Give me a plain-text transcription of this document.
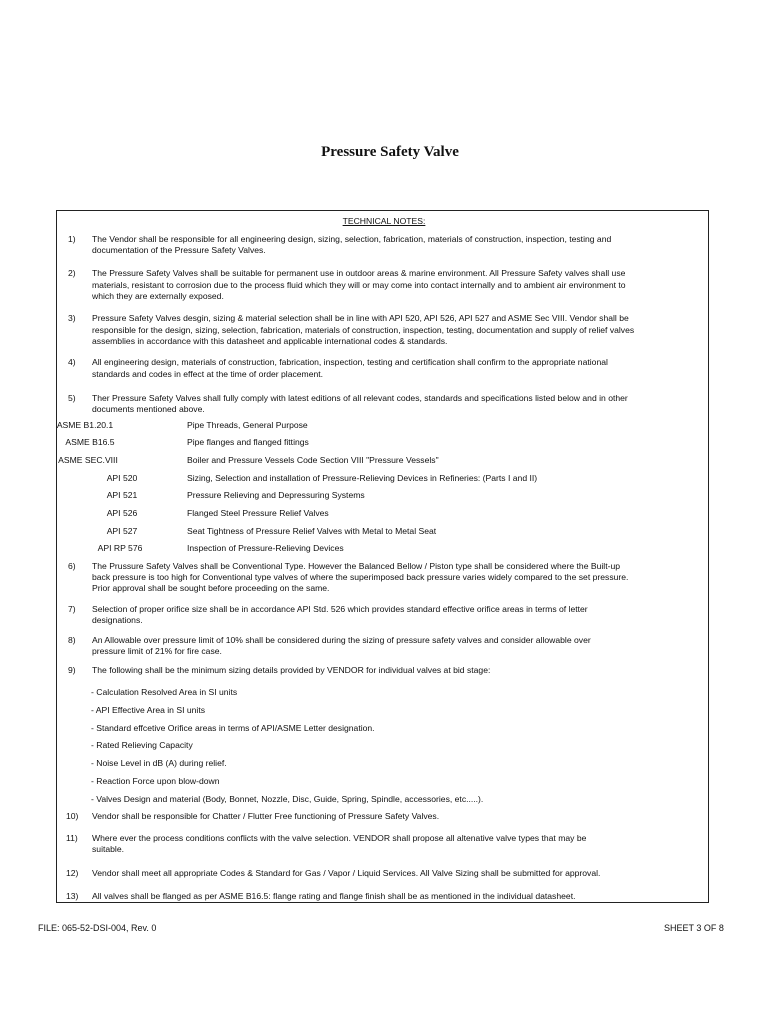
Pressure Safety Valve
TECHNICAL NOTES:
1) The Vendor shall be responsible for all engineering design, sizing, selection, fabrication, materials of construction, inspection, testing and
documentation of the Pressure Safety Valves.
2) The Pressure Safety Valves shall be suitable for permanent use in outdoor areas & marine environment. All Pressure Safety valves shall use
materials, resistant to corrosion due to the process fluid which they will or may come into contact internally and to ambient air environment to
which they are externally exposed.
3) Pressure Safety Valves desgin, sizing & material selection shall be in line with API 520, API 526, API 527 and ASME Sec VIII. Vendor shall be
responsible for the design, sizing, selection, fabrication, materials of construction, inspection, testing, documentation and supply of relief valves
assemblies in accordance with this datasheet and applicable international codes & standards.
4) All engineering design, materials of construction, fabrication, inspection, testing and certification shall confirm to the appropriate national
standards and codes in effect at the time of order placement.
5) Ther Pressure Safety Valves shall fully comply with latest editions of all relevant codes, standards and specifications listed below and in other
documents mentioned above.
ASME B1.20.1	Pipe Threads, General Purpose
ASME B16.5	Pipe flanges and flanged fittings
ASME SEC.VIII	Boiler and Pressure Vessels Code Section VIII "Pressure Vessels"
API 520	Sizing, Selection and installation of Pressure-Relieving Devices in Refineries: (Parts I and II)
API 521	Pressure Relieving and Depressuring Systems
API 526	Flanged Steel Pressure Relief Valves
API 527	Seat Tightness of Pressure Relief Valves with Metal to Metal Seat
API RP 576	Inspection of Pressure-Relieving Devices
6) The Prussure Safety Valves shall be Conventional Type. However the Balanced Bellow / Piston type shall be considered where the Built-up
back pressure is too high for Conventional type valves of where the superimposed back pressure varies widely compared to the set pressure.
Prior approval shall be sought before proceeding on the same.
7) Selection of proper orifice size shall be in accordance API Std. 526 which provides standard effective orifice areas in terms of letter
designations.
8) An Allowable over pressure limit of 10% shall be considered during the sizing of pressure safety valves and consider allowable over
pressure limit of 21% for fire case.
9) The following shall be the minimum sizing details provided by VENDOR for individual valves at bid stage:
- Calculation Resolved Area in SI units
- API Effective Area in SI units
- Standard effcetive Orifice areas in terms of API/ASME Letter designation.
- Rated Relieving Capacity
- Noise Level in dB (A) during relief.
- Reaction Force upon blow-down
- Valves Design and material (Body, Bonnet, Nozzle, Disc, Guide, Spring, Spindle, accessories, etc.....).
10) Vendor shall be responsible for Chatter / Flutter Free functioning of Pressure Safety Valves.
11) Where ever the process conditions conflicts with the valve selection. VENDOR shall propose all altenative valve types that may be
suitable.
12) Vendor shall meet all appropriate Codes & Standard for Gas / Vapor / Liquid Services. All Valve Sizing shall be submitted for approval.
13) All valves shall be flanged as per ASME B16.5: flange rating and flange finish shall be as mentioned in the individual datasheet.
FILE: 065-52-DSI-004, Rev. 0	SHEET 3 OF 8
